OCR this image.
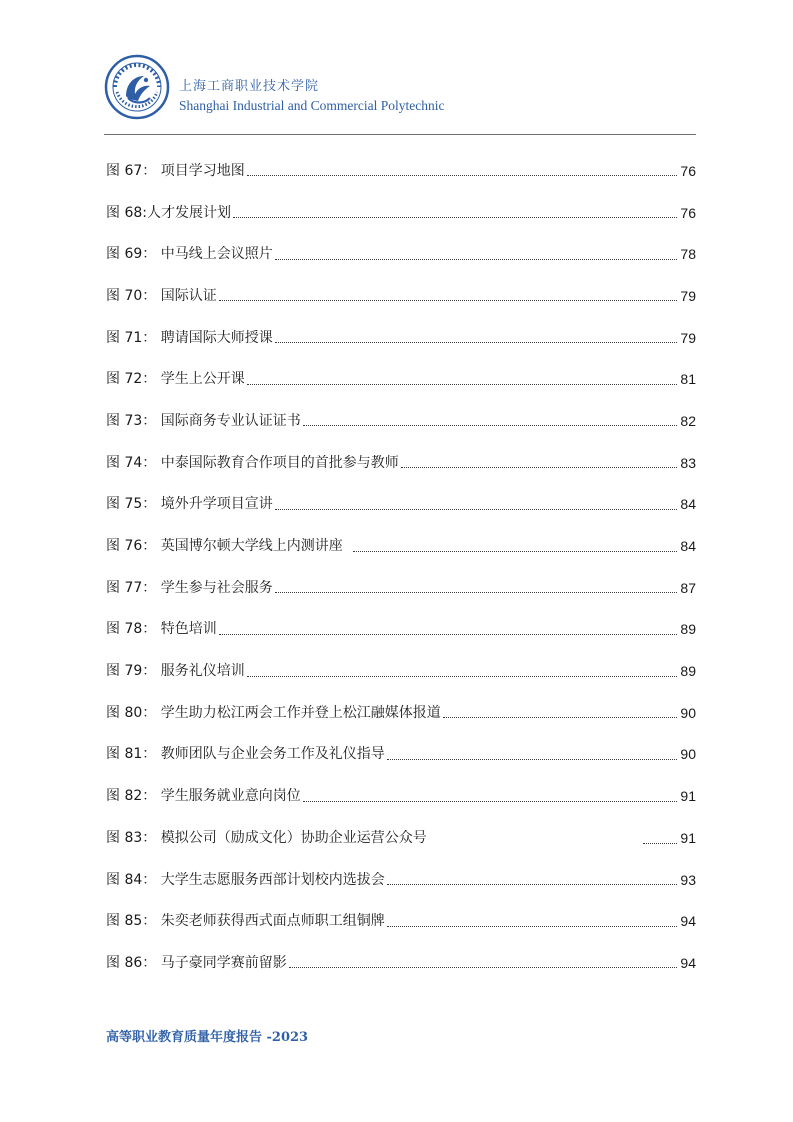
上海工商职业技术学院
Shanghai Industrial and Commercial Polytechnic
图 67： 项目学习地图	76
图 68:人才发展计划	76
图 69： 中马线上会议照片	78
图 70： 国际认证	79
图 71： 聘请国际大师授课	79
图 72： 学生上公开课	81
图 73： 国际商务专业认证证书	82
图 74： 中泰国际教育合作项目的首批参与教师	83
图 75： 境外升学项目宣讲	84
图 76： 英国博尔顿大学线上内测讲座	84
图 77： 学生参与社会服务	87
图 78： 特色培训	89
图 79： 服务礼仪培训	89
图 80： 学生助力松江两会工作并登上松江融媒体报道	90
图 81： 教师团队与企业会务工作及礼仪指导	90
图 82： 学生服务就业意向岗位	91
图 83： 模拟公司（励成文化）协助企业运营公众号	91
图 84： 大学生志愿服务西部计划校内选拔会	93
图 85： 朱奕老师获得西式面点师职工组铜牌	94
图 86： 马子豪同学赛前留影	94
高等职业教育质量年度报告 -2023
